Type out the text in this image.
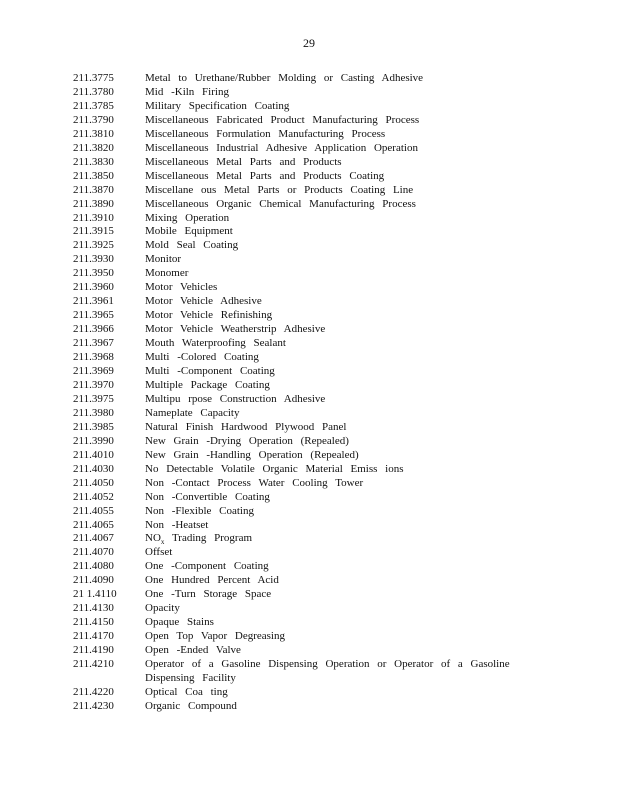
29
211.3775	Metal to Urethane/Rubber Molding or Casting Adhesive
211.3780	Mid -Kiln Firing
211.3785	Military Specification Coating
211.3790	Miscellaneous Fabricated Product Manufacturing Process
211.3810	Miscellaneous Formulation Manufacturing Process
211.3820	Miscellaneous Industrial Adhesive Application Operation
211.3830	Miscellaneous Metal Parts and Products
211.3850	Miscellaneous Metal Parts and Products Coating
211.3870	Miscellane ous Metal Parts or Products Coating Line
211.3890	Miscellaneous Organic Chemical Manufacturing Process
211.3910	Mixing Operation
211.3915	Mobile Equipment
211.3925	Mold Seal Coating
211.3930	Monitor
211.3950	Monomer
211.3960	Motor Vehicles
211.3961	Motor Vehicle Adhesive
211.3965	Motor Vehicle Refinishing
211.3966	Motor Vehicle Weatherstrip Adhesive
211.3967	Mouth Waterproofing Sealant
211.3968	Multi -Colored Coating
211.3969	Multi -Component Coating
211.3970	Multiple Package Coating
211.3975	Multipu rpose Construction Adhesive
211.3980	Nameplate Capacity
211.3985	Natural Finish Hardwood Plywood Panel
211.3990	New Grain -Drying Operation (Repealed)
211.4010	New Grain -Handling Operation (Repealed)
211.4030	No Detectable Volatile Organic Material Emiss ions
211.4050	Non -Contact Process Water Cooling Tower
211.4052	Non -Convertible Coating
211.4055	Non -Flexible Coating
211.4065	Non -Heatset
211.4067	$NO_x$ Trading Program
211.4070	Offset
211.4080	One -Component Coating
211.4090	One Hundred Percent Acid
21 1.4110	One -Turn Storage Space
211.4130	Opacity
211.4150	Opaque Stains
211.4170	Open Top Vapor Degreasing
211.4190	Open -Ended Valve
211.4210	Operator of a Gasoline Dispensing Operation or Operator of a Gasoline
Dispensing Facility
211.4220	Optical Coa ting
211.4230	Organic Compound
